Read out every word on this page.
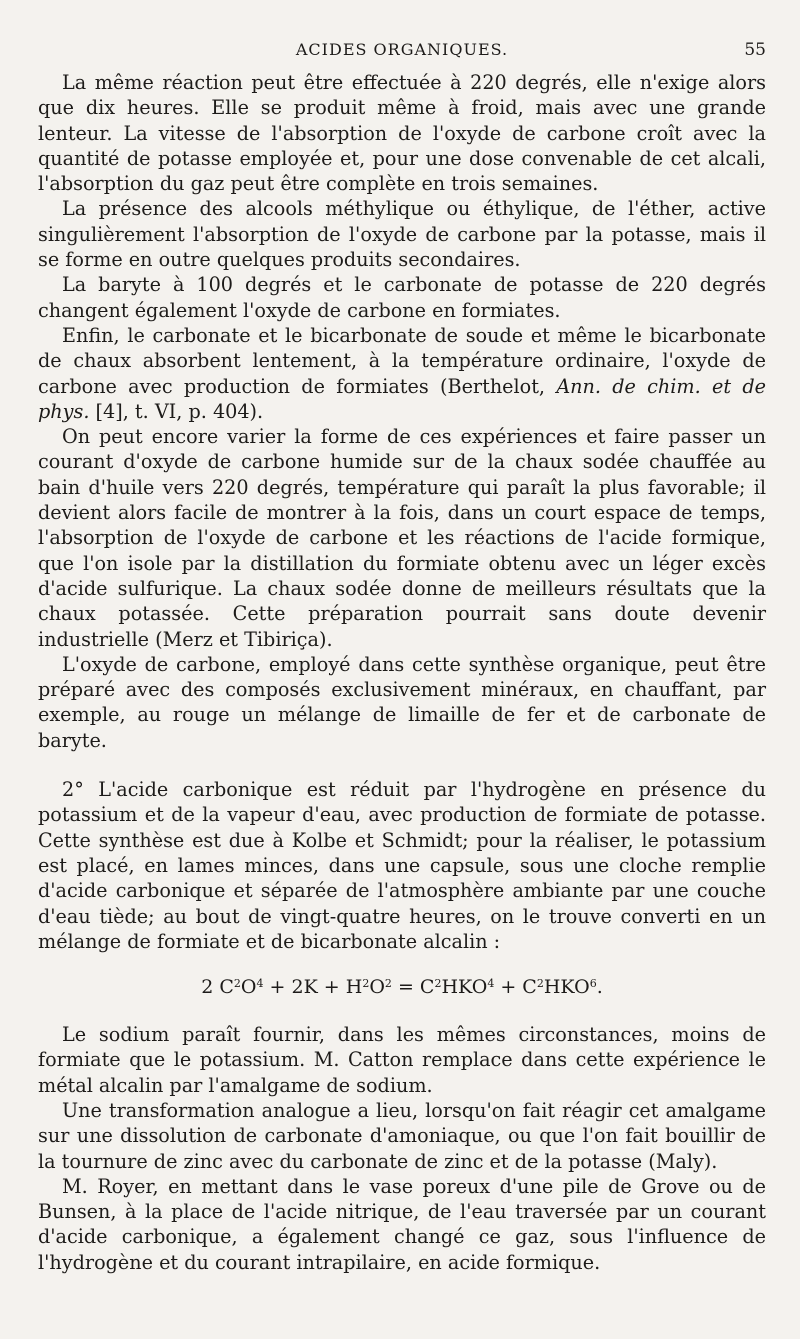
ACIDES ORGANIQUES.	55

La même réaction peut être effectuée à 220 degrés, elle n'exige alors que dix heures. Elle se produit même à froid, mais avec une grande lenteur. La vitesse de l'absorption de l'oxyde de carbone croît avec la quantité de potasse employée et, pour une dose convenable de cet alcali, l'absorption du gaz peut être complète en trois semaines.

La présence des alcools méthylique ou éthylique, de l'éther, active singulièrement l'absorption de l'oxyde de carbone par la potasse, mais il se forme en outre quelques produits secondaires.

La baryte à 100 degrés et le carbonate de potasse de 220 degrés changent également l'oxyde de carbone en formiates.

Enfin, le carbonate et le bicarbonate de soude et même le bicarbonate de chaux absorbent lentement, à la température ordinaire, l'oxyde de carbone avec production de formiates (Berthelot, Ann. de chim. et de phys. [4], t. VI, p. 404).

On peut encore varier la forme de ces expériences et faire passer un courant d'oxyde de carbone humide sur de la chaux sodée chauffée au bain d'huile vers 220 degrés, température qui paraît la plus favorable; il devient alors facile de montrer à la fois, dans un court espace de temps, l'absorption de l'oxyde de carbone et les réactions de l'acide formique, que l'on isole par la distillation du formiate obtenu avec un léger excès d'acide sulfurique. La chaux sodée donne de meilleurs résultats que la chaux potassée. Cette préparation pourrait sans doute devenir industrielle (Merz et Tibiriça).

L'oxyde de carbone, employé dans cette synthèse organique, peut être préparé avec des composés exclusivement minéraux, en chauffant, par exemple, au rouge un mélange de limaille de fer et de carbonate de baryte.

2° L'acide carbonique est réduit par l'hydrogène en présence du potassium et de la vapeur d'eau, avec production de formiate de potasse. Cette synthèse est due à Kolbe et Schmidt; pour la réaliser, le potassium est placé, en lames minces, dans une capsule, sous une cloche remplie d'acide carbonique et séparée de l'atmosphère ambiante par une couche d'eau tiède; au bout de vingt-quatre heures, on le trouve converti en un mélange de formiate et de bicarbonate alcalin :

2 $C^2O^4 + 2K + H^2O^2 = C^2HKO^4 + C^2HKO^6$.

Le sodium paraît fournir, dans les mêmes circonstances, moins de formiate que le potassium. M. Catton remplace dans cette expérience le métal alcalin par l'amalgame de sodium.

Une transformation analogue a lieu, lorsqu'on fait réagir cet amalgame sur une dissolution de carbonate d'amoniaque, ou que l'on fait bouillir de la tournure de zinc avec du carbonate de zinc et de la potasse (Maly).

M. Royer, en mettant dans le vase poreux d'une pile de Grove ou de Bunsen, à la place de l'acide nitrique, de l'eau traversée par un courant d'acide carbonique, a également changé ce gaz, sous l'influence de l'hydrogène et du courant intrapilaire, en acide formique.
